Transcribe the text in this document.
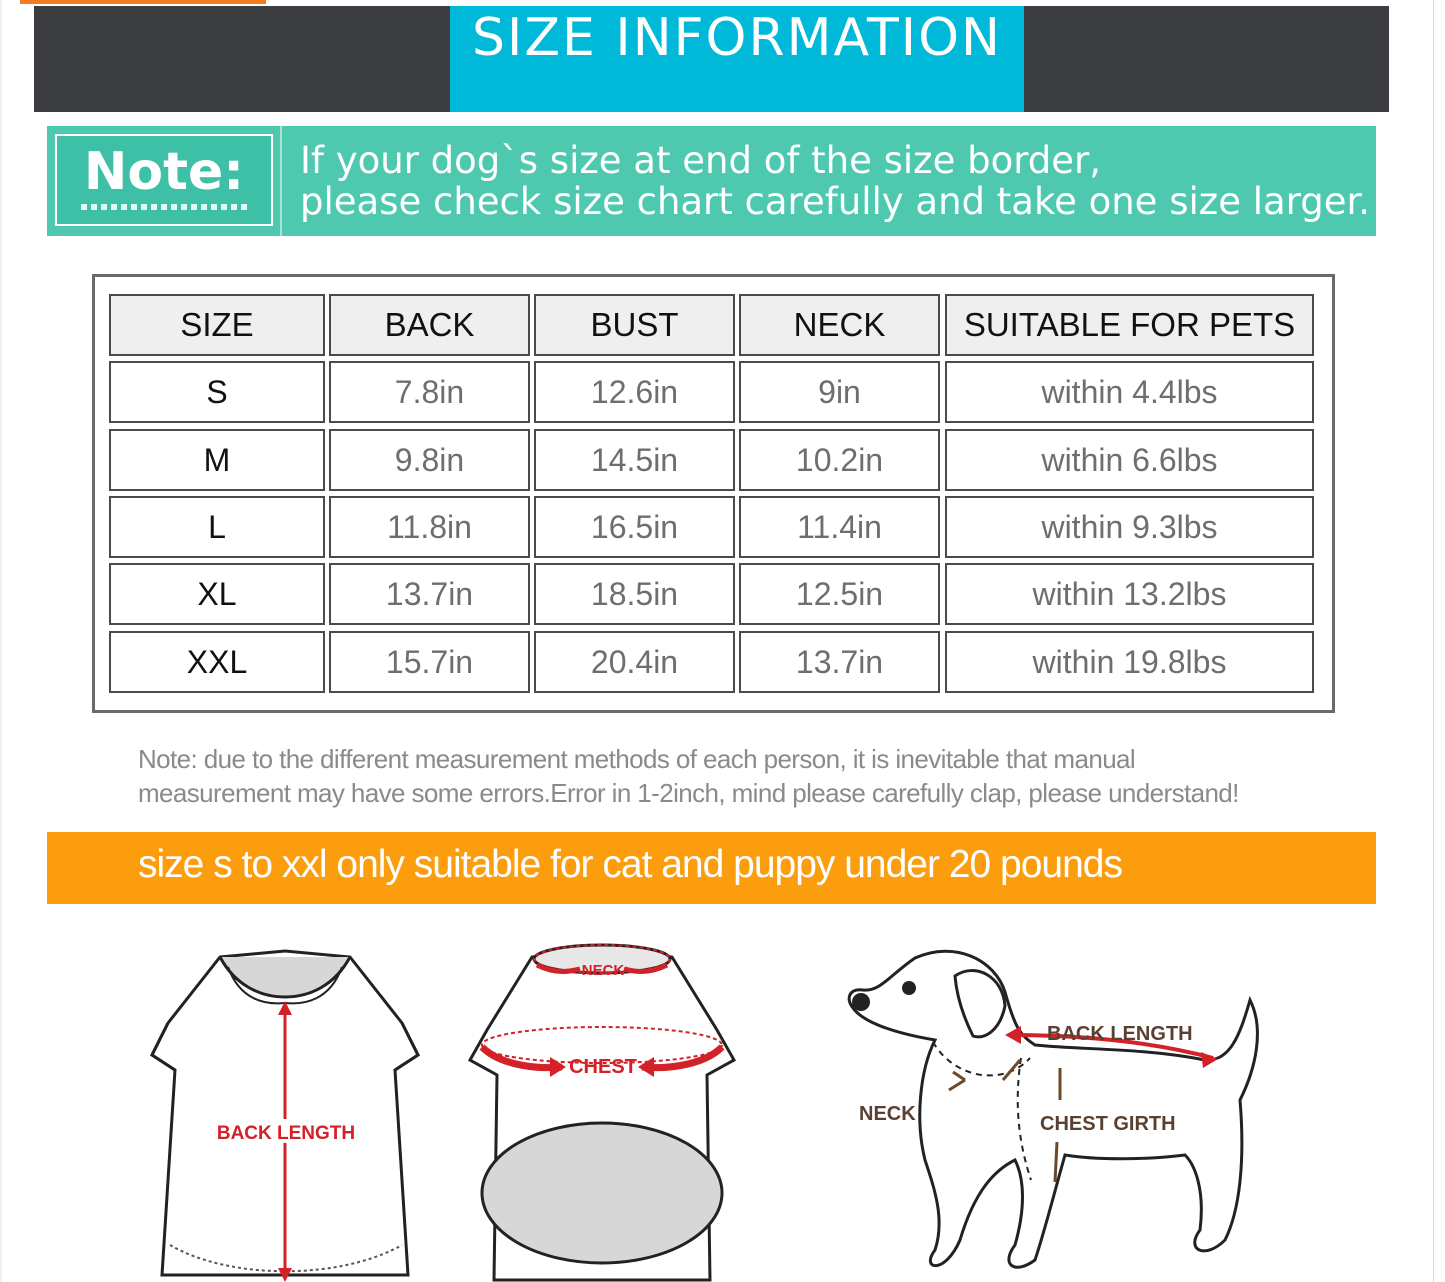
SIZE INFORMATION
Note:	If your dog`s size at end of the size border,
please check size chart carefully and take one size larger.
SIZE	BACK	BUST	NECK	SUITABLE FOR PETS
S	7.8in	12.6in	9in	within 4.4lbs
M	9.8in	14.5in	10.2in	within 6.6lbs
L	11.8in	16.5in	11.4in	within 9.3lbs
XL	13.7in	18.5in	12.5in	within 13.2lbs
XXL	15.7in	20.4in	13.7in	within 19.8lbs
Note: due to the different measurement methods of each person, it is inevitable that manual
measurement may have some errors.Error in 1-2inch, mind please carefully clap, please understand!
size s to xxl only suitable for cat and puppy under 20 pounds
BACK LENGTH
NECK
CHEST
BACK LENGTH
NECK	CHEST GIRTH
